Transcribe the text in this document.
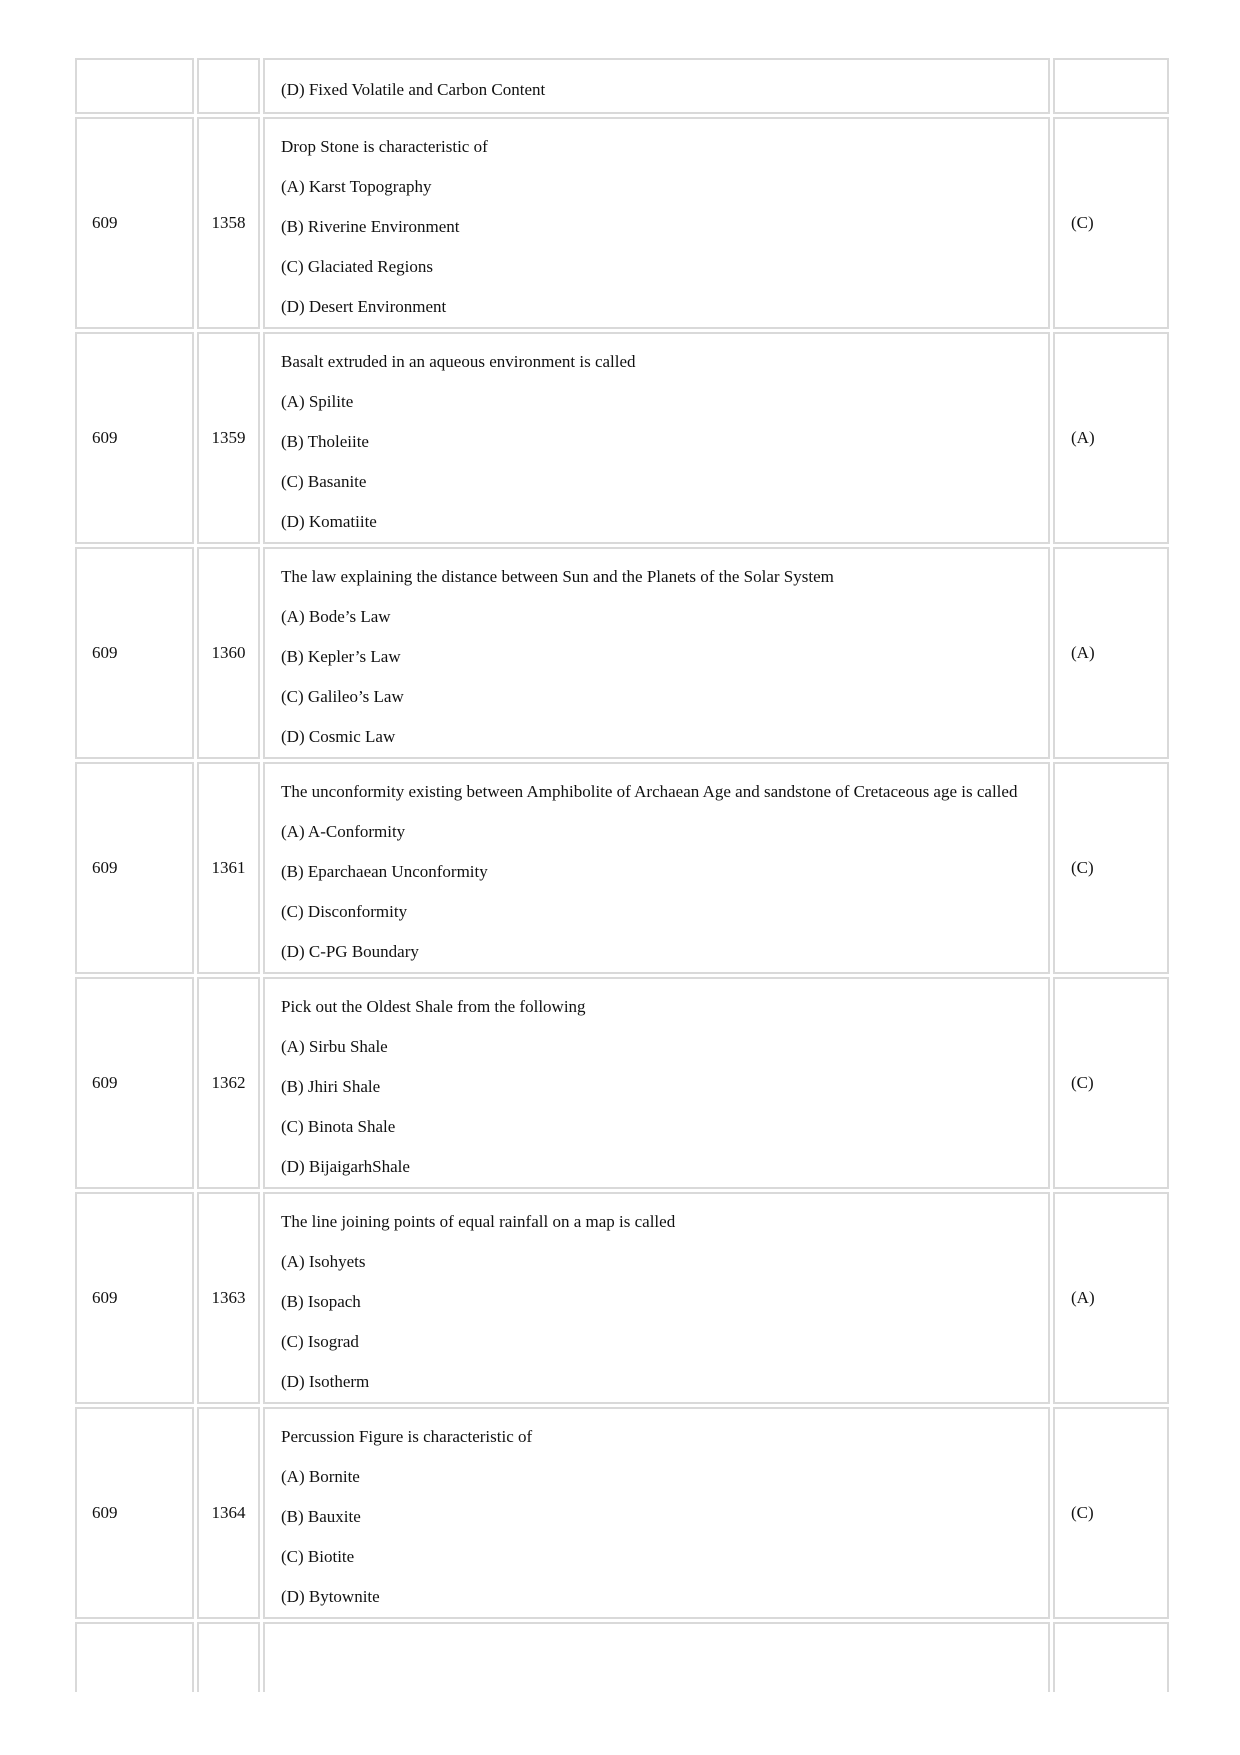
		(D) Fixed Volatile and Carbon Content	

609	1358	Drop Stone is characteristic of
(A) Karst Topography
(B) Riverine Environment
(C) Glaciated Regions
(D) Desert Environment	(C)
609	1359	Basalt extruded in an aqueous environment is called
(A) Spilite
(B) Tholeiite
(C) Basanite
(D) Komatiite	(A)
609	1360	The law explaining the distance between Sun and the Planets of the Solar System
(A) Bode’s Law
(B) Kepler’s Law
(C) Galileo’s Law
(D) Cosmic Law	(A)
609	1361	The unconformity existing between Amphibolite of Archaean Age and sandstone of Cretaceous age is called
(A) A-Conformity
(B) Eparchaean Unconformity
(C) Disconformity
(D) C-PG Boundary	(C)
609	1362	Pick out the Oldest Shale from the following
(A) Sirbu Shale
(B) Jhiri Shale
(C) Binota Shale
(D) BijaigarhShale	(C)
609	1363	The line joining points of equal rainfall on a map is called
(A) Isohyets
(B) Isopach
(C) Isograd
(D) Isotherm	(A)
609	1364	Percussion Figure is characteristic of
(A) Bornite
(B) Bauxite
(C) Biotite
(D) Bytownite	(C)
